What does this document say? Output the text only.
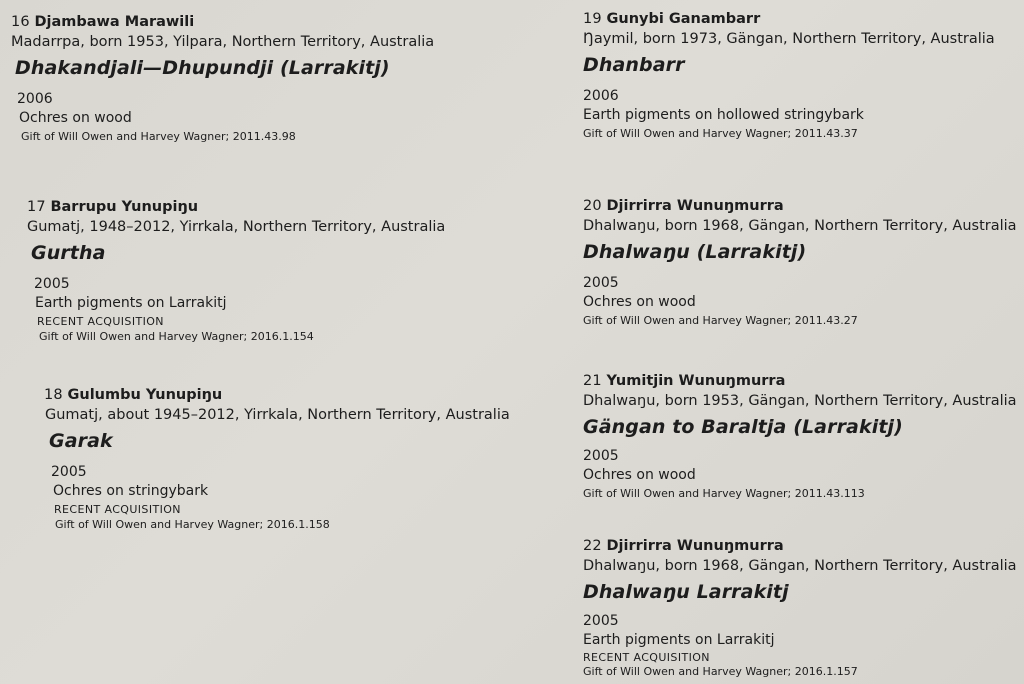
16 Djambawa Marawili
Madarrpa, born 1953, Yilpara, Northern Territory, Australia
Dhakandjali—Dhupundji (Larrakitj)
2006
Ochres on wood
Gift of Will Owen and Harvey Wagner; 2011.43.98
17 Barrupu Yunupiŋu
Gumatj, 1948–2012, Yirrkala, Northern Territory, Australia
Gurtha
2005
Earth pigments on Larrakitj
RECENT ACQUISITION
Gift of Will Owen and Harvey Wagner; 2016.1.154
18 Gulumbu Yunupiŋu
Gumatj, about 1945–2012, Yirrkala, Northern Territory, Australia
Garak
2005
Ochres on stringybark
RECENT ACQUISITION
Gift of Will Owen and Harvey Wagner; 2016.1.158
19 Gunybi Ganambarr
Ŋaymil, born 1973, Gängan, Northern Territory, Australia
Dhanbarr
2006
Earth pigments on hollowed stringybark
Gift of Will Owen and Harvey Wagner; 2011.43.37
20 Djirrirra Wunuŋmurra
Dhalwaŋu, born 1968, Gängan, Northern Territory, Australia
Dhalwaŋu (Larrakitj)
2005
Ochres on wood
Gift of Will Owen and Harvey Wagner; 2011.43.27
21 Yumitjin Wunuŋmurra
Dhalwaŋu, born 1953, Gängan, Northern Territory, Australia
Gängan to Baraltja (Larrakitj)
2005
Ochres on wood
Gift of Will Owen and Harvey Wagner; 2011.43.113
22 Djirrirra Wunuŋmurra
Dhalwaŋu, born 1968, Gängan, Northern Territory, Australia
Dhalwaŋu Larrakitj
2005
Earth pigments on Larrakitj
RECENT ACQUISITION
Gift of Will Owen and Harvey Wagner; 2016.1.157
